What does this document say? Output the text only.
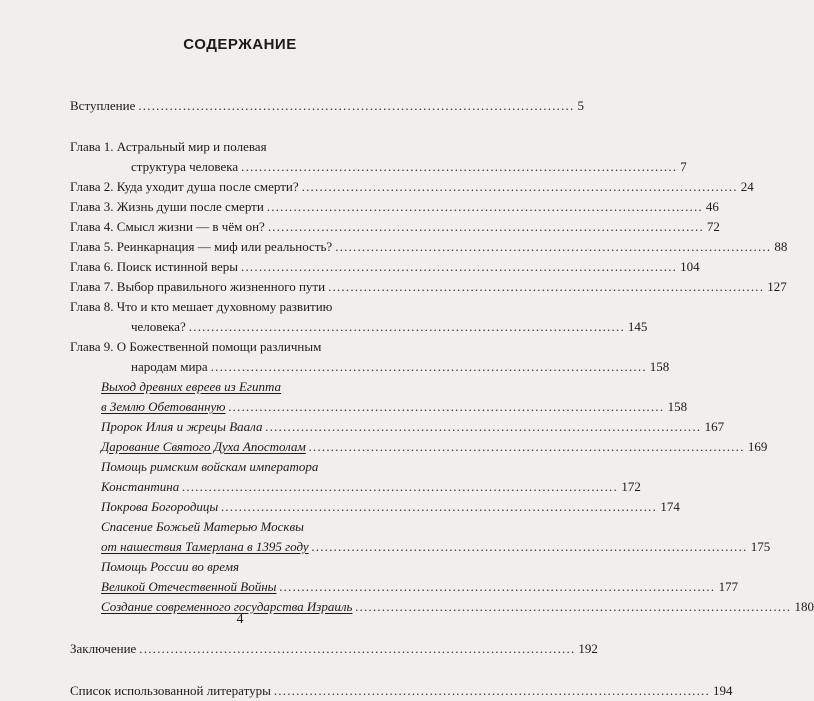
СОДЕРЖАНИЕ
Вступление .................................................................................................. 5
Глава 1. Астральный мир и полевая
структура человека .................................................................................................. 7
Глава 2. Куда уходит душа после смерти? .................................................................................................. 24
Глава 3. Жизнь души после смерти .................................................................................................. 46
Глава 4. Смысл жизни — в чём он? .................................................................................................. 72
Глава 5. Реинкарнация — миф или реальность? .................................................................................................. 88
Глава 6. Поиск истинной веры .................................................................................................. 104
Глава 7. Выбор правильного жизненного пути .................................................................................................. 127
Глава 8. Что и кто мешает духовному развитию
человека? .................................................................................................. 145
Глава 9. О Божественной помощи различным
народам мира .................................................................................................. 158
Выход древних евреев из Египта
в Землю Обетованную .................................................................................................. 158
Пророк Илия и жрецы Ваала .................................................................................................. 167
Дарование Святого Духа Апостолам .................................................................................................. 169
Помощь римским войскам императора
Константина .................................................................................................. 172
Покрова Богородицы .................................................................................................. 174
Спасение Божьей Матерью Москвы
от нашествия Тамерлана в 1395 году .................................................................................................. 175
Помощь России во время
Великой Отечественной Войны .................................................................................................. 177
Создание современного государства Израиль .................................................................................................. 180
Заключение .................................................................................................. 192
Список использованной литературы .................................................................................................. 194
4
